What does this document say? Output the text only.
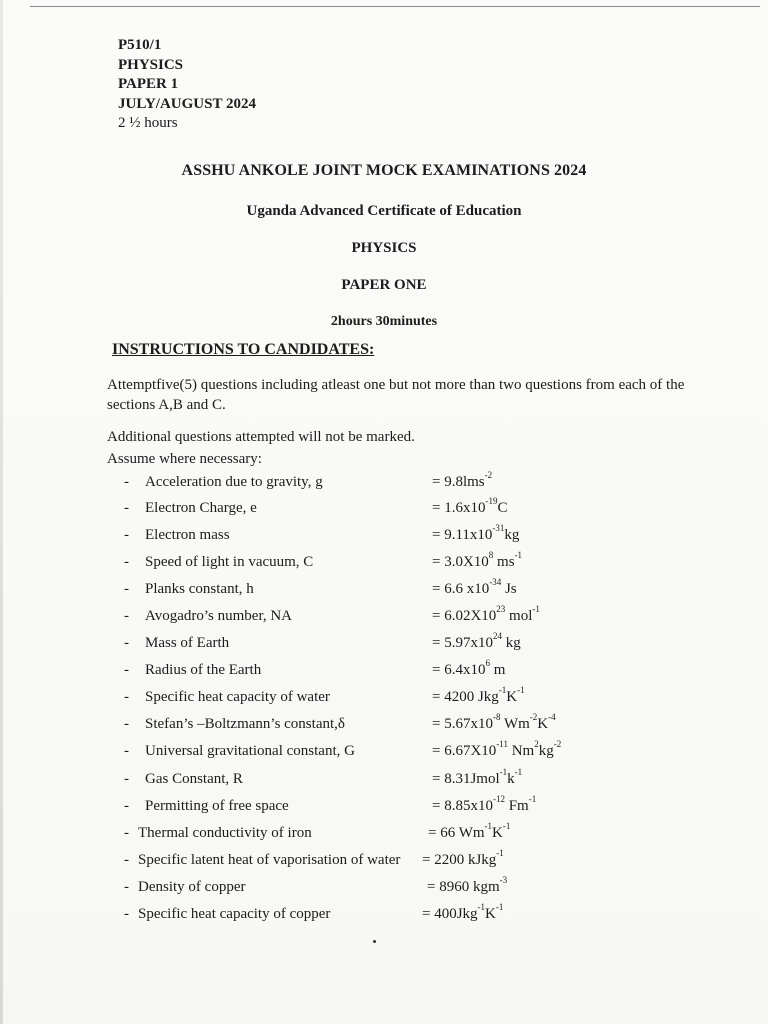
P510/1
PHYSICS
PAPER 1
JULY/AUGUST 2024
2 ½ hours
ASSHU ANKOLE JOINT MOCK EXAMINATIONS 2024
Uganda Advanced Certificate of Education
PHYSICS
PAPER ONE
2hours 30minutes
INSTRUCTIONS TO CANDIDATES:
Attemptfive(5) questions including atleast one but not more than two questions from each of the sections A,B and C.
Additional questions attempted will not be marked.
Assume where necessary:
- Acceleration due to gravity, g	= 9.8lms$^{-2}$
- Electron Charge, e	= $1.6x10^{-19}C$
- Electron mass	= $9.11x10^{-31}kg$
- Speed of light in vacuum, C	= $3.0X10^8$ $ms^{-1}$
- Planks constant, h	= 6.6 $x10^{-34}$ Js
- Avogadro’s number, NA	= $6.02X10^{23}$ mol$^{-1}$
- Mass of Earth	= $5.97x10^{24}$ kg
- Radius of the Earth	= $6.4x10^6$ m
- Specific heat capacity of water	= 4200 $Jkg^{-1}K^{-1}$
- Stefan’s –Boltzmann’s constant,δ	= $5.67x10^{-8}$ $Wm^{-2}K^{-4}$
- Universal gravitational constant, G	= $6.67X10^{-11}$ $Nm^2kg^{-2}$
- Gas Constant, R	= $8.31Jmol^{-1}k^{-1}$
- Permitting of free space	= $8.85x10^{-12}$ $Fm^{-1}$
- Thermal conductivity of iron	= 66 $Wm^{-1}K^{-1}$
- Specific latent heat of vaporisation of water = 2200 kJkg$^{-1}$
- Density of copper	= 8960 kgm$^{-3}$
- Specific heat capacity of copper	= $400Jkg^{-1}K^{-1}$
